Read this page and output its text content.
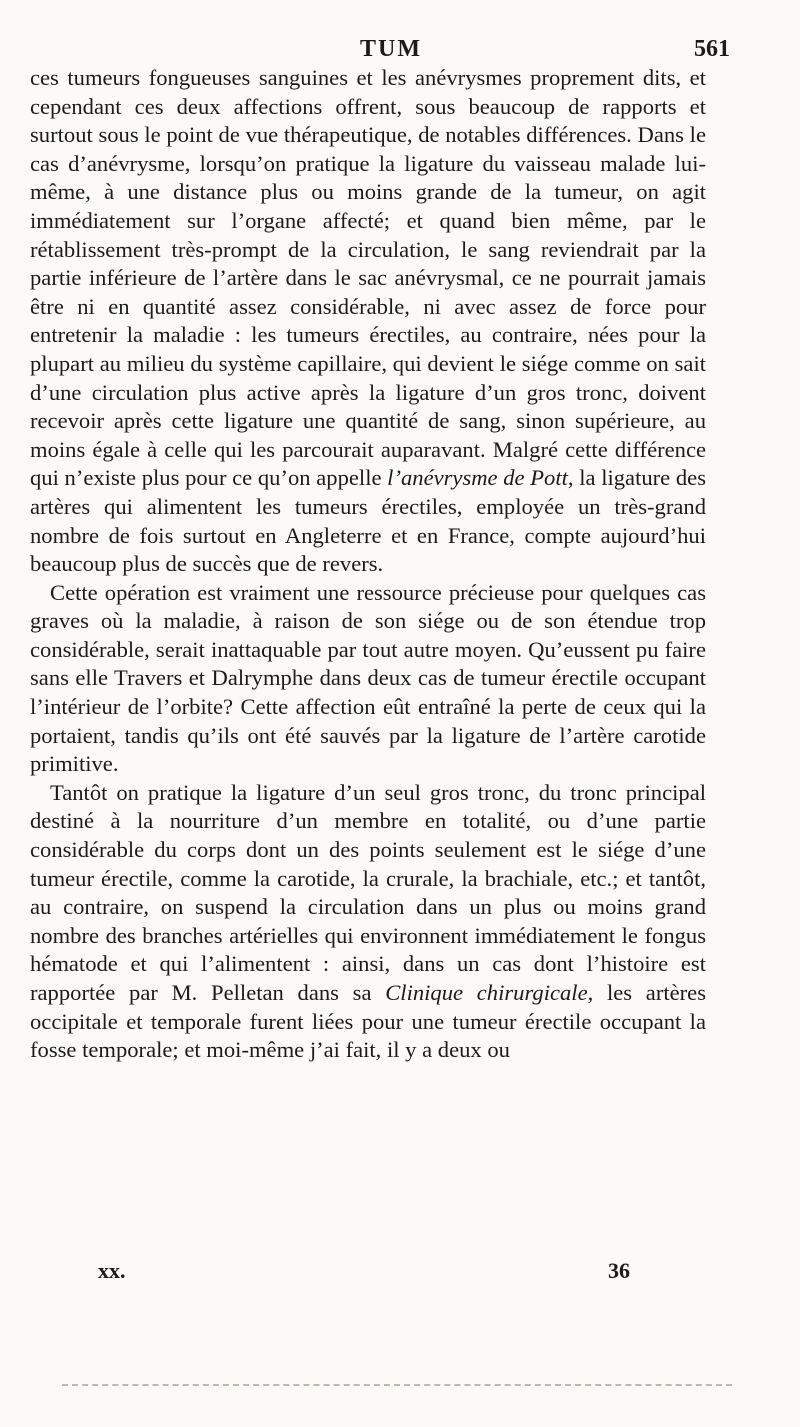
TUM	561

ces tumeurs fongueuses sanguines et les anévrysmes proprement dits, et cependant ces deux affections offrent, sous beaucoup de rapports et surtout sous le point de vue thérapeutique, de notables différences. Dans le cas d’anévrysme, lorsqu’on pratique la ligature du vaisseau malade lui-même, à une distance plus ou moins grande de la tumeur, on agit immédiatement sur l’organe affecté; et quand bien même, par le rétablissement très-prompt de la circulation, le sang reviendrait par la partie inférieure de l’artère dans le sac anévrysmal, ce ne pourrait jamais être ni en quantité assez considérable, ni avec assez de force pour entretenir la maladie : les tumeurs érectiles, au contraire, nées pour la plupart au milieu du système capillaire, qui devient le siége comme on sait d’une circulation plus active après la ligature d’un gros tronc, doivent recevoir après cette ligature une quantité de sang, sinon supérieure, au moins égale à celle qui les parcourait auparavant. Malgré cette différence qui n’existe plus pour ce qu’on appelle l’anévrysme de Pott, la ligature des artères qui alimentent les tumeurs érectiles, employée un très-grand nombre de fois surtout en Angleterre et en France, compte aujourd’hui beaucoup plus de succès que de revers.

Cette opération est vraiment une ressource précieuse pour quelques cas graves où la maladie, à raison de son siége ou de son étendue trop considérable, serait inattaquable par tout autre moyen. Qu’eussent pu faire sans elle Travers et Dalrymphe dans deux cas de tumeur érectile occupant l’intérieur de l’orbite? Cette affection eût entraîné la perte de ceux qui la portaient, tandis qu’ils ont été sauvés par la ligature de l’artère carotide primitive.

Tantôt on pratique la ligature d’un seul gros tronc, du tronc principal destiné à la nourriture d’un membre en totalité, ou d’une partie considérable du corps dont un des points seulement est le siége d’une tumeur érectile, comme la carotide, la crurale, la brachiale, etc.; et tantôt, au contraire, on suspend la circulation dans un plus ou moins grand nombre des branches artérielles qui environnent immédiatement le fongus hématode et qui l’alimentent : ainsi, dans un cas dont l’histoire est rapportée par M. Pelletan dans sa Clinique chirurgicale, les artères occipitale et temporale furent liées pour une tumeur érectile occupant la fosse temporale; et moi-même j’ai fait, il y a deux ou

xx.	36
